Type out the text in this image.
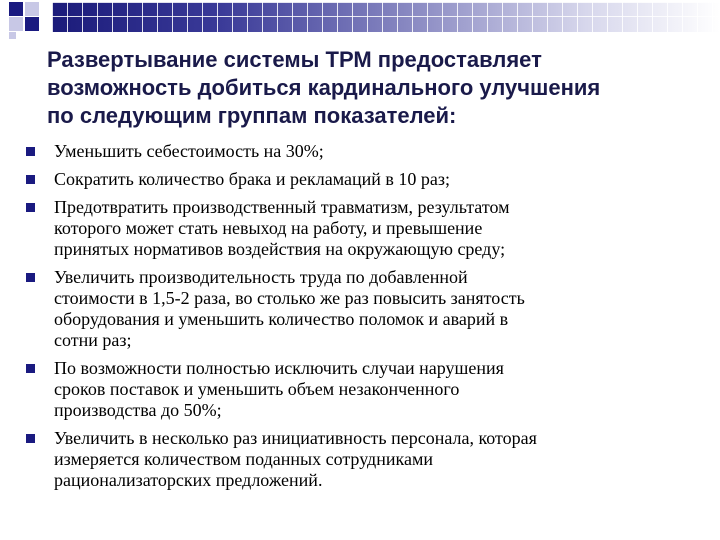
Развертывание системы ТРМ предоставляет
возможность добиться кардинального улучшения
по следующим группам показателей:
Уменьшить себестоимость на 30%;
Сократить количество брака и рекламаций в 10 раз;
Предотвратить производственный травматизм, результатом
которого может стать невыход на работу, и превышение
принятых нормативов воздействия на окружающую среду;
Увеличить производительность труда по добавленной
стоимости в 1,5-2 раза, во столько же раз повысить занятость
оборудования и уменьшить количество поломок и аварий в
сотни раз;
По возможности полностью исключить случаи нарушения
сроков поставок и уменьшить объем незаконченного
производства до 50%;
Увеличить в несколько раз инициативность персонала, которая
измеряется количеством поданных сотрудниками
рационализаторских предложений.
